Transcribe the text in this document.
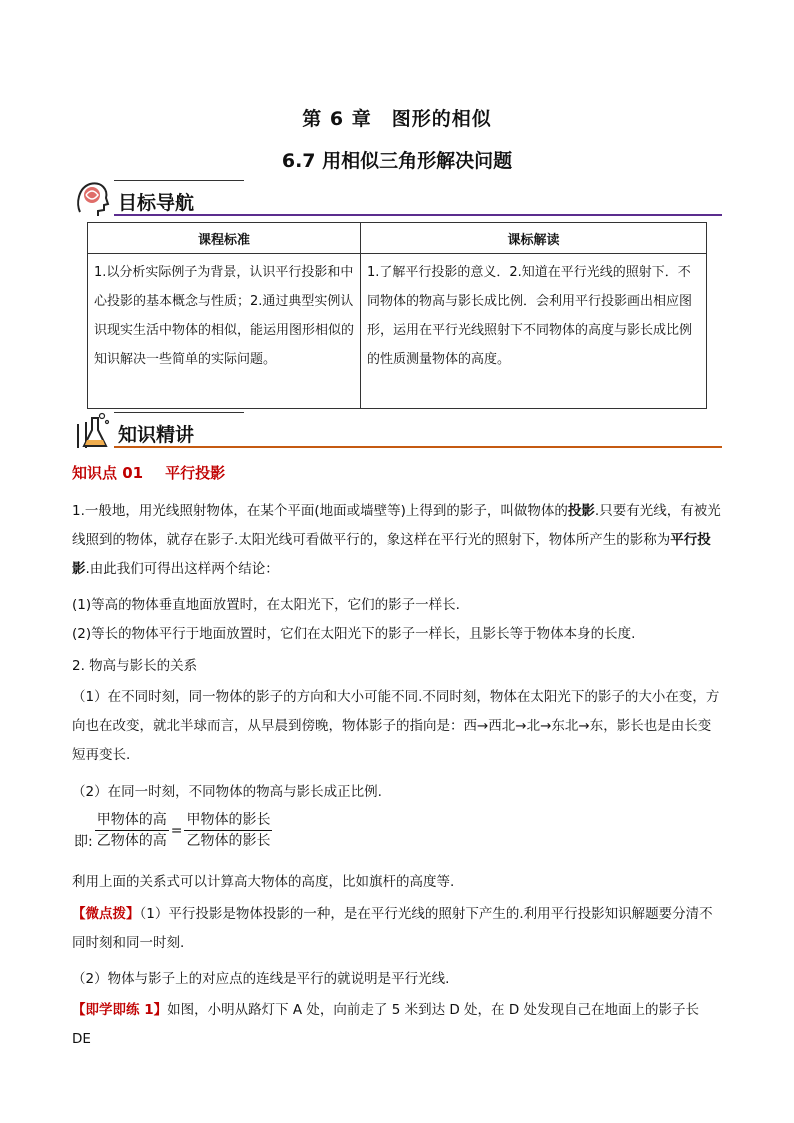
第 6 章　图形的相似
6.7 用相似三角形解决问题
目标导航
课程标准	课标解读
1.以分析实际例子为背景，认识平行投影和中心投影的基本概念与性质；2.通过典型实例认识现实生活中物体的相似，能运用图形相似的知识解决一些简单的实际问题。	1.了解平行投影的意义．2.知道在平行光线的照射下．不同物体的物高与影长成比例．会利用平行投影画出相应图形，运用在平行光线照射下不同物体的高度与影长成比例的性质测量物体的高度。
知识精讲
知识点 01 平行投影
1.一般地，用光线照射物体，在某个平面(地面或墙壁等)上得到的影子，叫做物体的投影.只要有光线，有被光线照到的物体，就存在影子.太阳光线可看做平行的，象这样在平行光的照射下，物体所产生的影称为平行投影.由此我们可得出这样两个结论：
(1)等高的物体垂直地面放置时，在太阳光下，它们的影子一样长.
(2)等长的物体平行于地面放置时，它们在太阳光下的影子一样长，且影长等于物体本身的长度.
2. 物高与影长的关系
（1）在不同时刻，同一物体的影子的方向和大小可能不同.不同时刻，物体在太阳光下的影子的大小在变，方向也在改变，就北半球而言，从早晨到傍晚，物体影子的指向是：西→西北→北→东北→东，影长也是由长变短再变长.
（2）在同一时刻，不同物体的物高与影长成正比例.
即: $\frac{\text{甲物体的高}}{\text{乙物体的高}} = \frac{\text{甲物体的影长}}{\text{乙物体的影长}}$
利用上面的关系式可以计算高大物体的高度，比如旗杆的高度等.
【微点拨】（1）平行投影是物体投影的一种，是在平行光线的照射下产生的.利用平行投影知识解题要分清不同时刻和同一时刻.
（2）物体与影子上的对应点的连线是平行的就说明是平行光线.
【即学即练 1】如图，小明从路灯下 A 处，向前走了 5 米到达 D 处，在 D 处发现自己在地面上的影子长 DE
